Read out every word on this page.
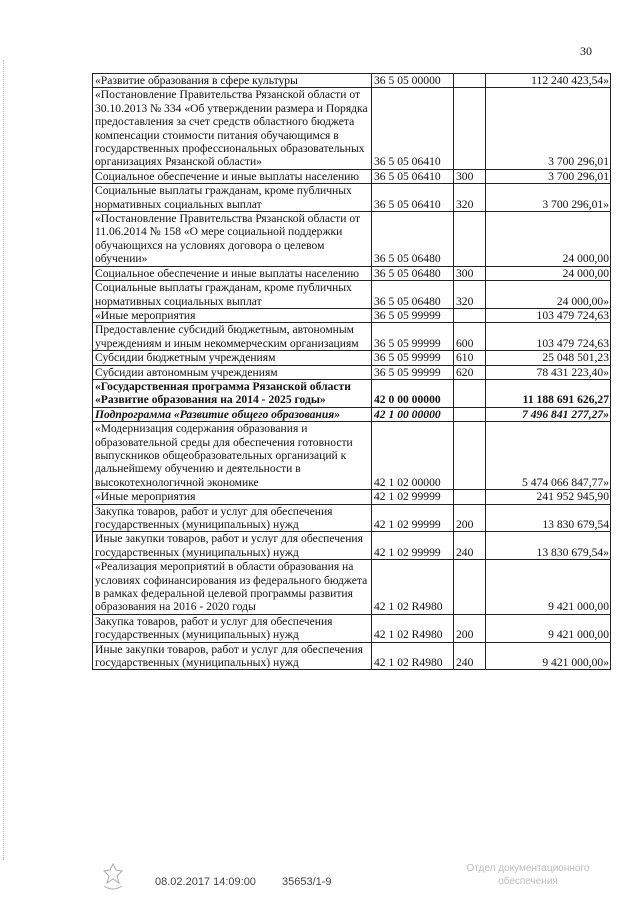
30
«Развитие образования в сфере культуры	36 5 05 00000		112 240 423,54»
«Постановление Правительства Рязанской области от 30.10.2013 № 334 «Об утверждении размера и Порядка предоставления за счет средств областного бюджета компенсации стоимости питания обучающимся в государственных профессиональных образовательных организациях Рязанской области»	36 5 05 06410		3 700 296,01
Социальное обеспечение и иные выплаты населению	36 5 05 06410	300	3 700 296,01
Социальные выплаты гражданам, кроме публичных нормативных социальных выплат	36 5 05 06410	320	3 700 296,01»
«Постановление Правительства Рязанской области от 11.06.2014 № 158 «О мере социальной поддержки обучающихся на условиях договора о целевом обучении»	36 5 05 06480		24 000,00
Социальное обеспечение и иные выплаты населению	36 5 05 06480	300	24 000,00
Социальные выплаты гражданам, кроме публичных нормативных социальных выплат	36 5 05 06480	320	24 000,00»
«Иные мероприятия	36 5 05 99999		103 479 724,63
Предоставление субсидий бюджетным, автономным учреждениям и иным некоммерческим организациям	36 5 05 99999	600	103 479 724,63
Субсидии бюджетным учреждениям	36 5 05 99999	610	25 048 501,23
Субсидии автономным учреждениям	36 5 05 99999	620	78 431 223,40»
«Государственная программа Рязанской области «Развитие образования на 2014 - 2025 годы»	42 0 00 00000		11 188 691 626,27
Подпрограмма «Развитие общего образования»	42 1 00 00000		7 496 841 277,27»
«Модернизация содержания образования и образовательной среды для обеспечения готовности выпускников общеобразовательных организаций к дальнейшему обучению и деятельности в высокотехнологичной экономике	42 1 02 00000		5 474 066 847,77»
«Иные мероприятия	42 1 02 99999		241 952 945,90
Закупка товаров, работ и услуг для обеспечения государственных (муниципальных) нужд	42 1 02 99999	200	13 830 679,54
Иные закупки товаров, работ и услуг для обеспечения государственных (муниципальных) нужд	42 1 02 99999	240	13 830 679,54»
«Реализация мероприятий в области образования на условиях софинансирования из федерального бюджета в рамках федеральной целевой программы развития образования на 2016 - 2020 годы	42 1 02 R4980		9 421 000,00
Закупка товаров, работ и услуг для обеспечения государственных (муниципальных) нужд	42 1 02 R4980	200	9 421 000,00
Иные закупки товаров, работ и услуг для обеспечения государственных (муниципальных) нужд	42 1 02 R4980	240	9 421 000,00»
08.02.2017 14:09:00 35653/1-9
Отдел документационного обеспечения
